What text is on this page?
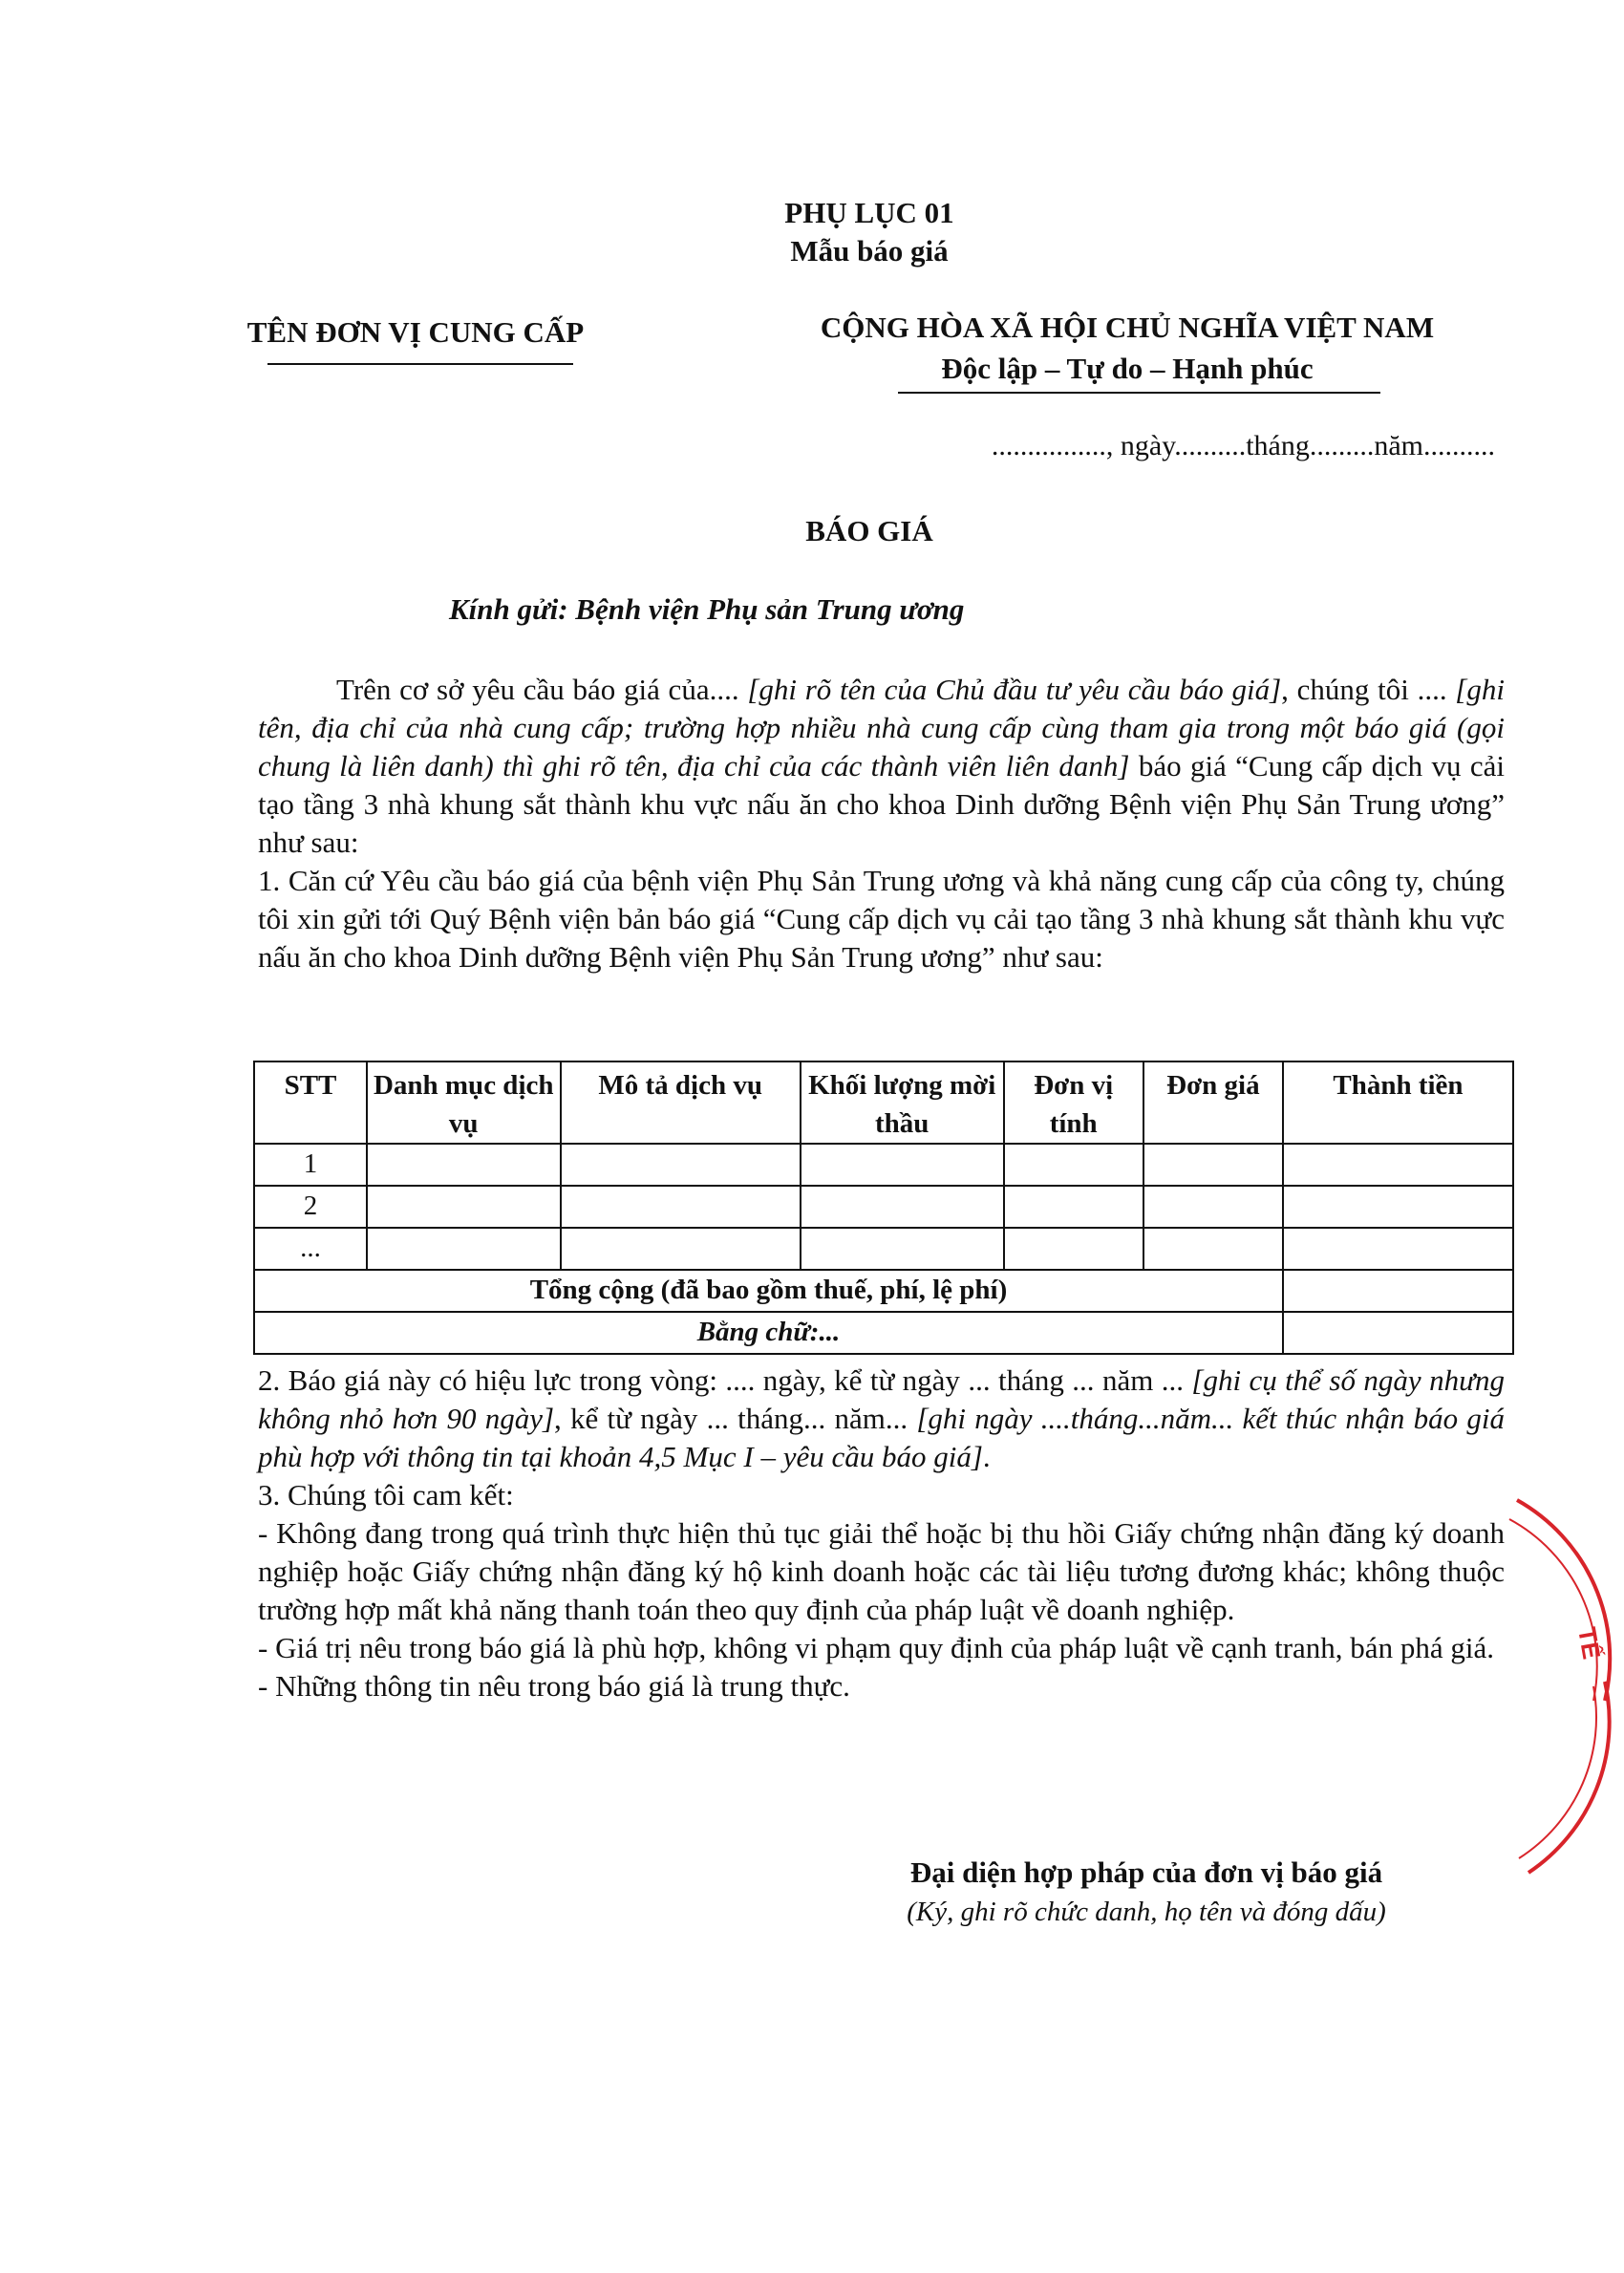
PHỤ LỤC 01
Mẫu báo giá
TÊN ĐƠN VỊ CUNG CẤP	CỘNG HÒA XÃ HỘI CHỦ NGHĨA VIỆT NAM
Độc lập – Tự do – Hạnh phúc
................, ngày..........tháng.........năm..........
BÁO GIÁ
Kính gửi: Bệnh viện Phụ sản Trung ương

Trên cơ sở yêu cầu báo giá của.... [ghi rõ tên của Chủ đầu tư yêu cầu báo giá], chúng tôi .... [ghi tên, địa chỉ của nhà cung cấp; trường hợp nhiều nhà cung cấp cùng tham gia trong một báo giá (gọi chung là liên danh) thì ghi rõ tên, địa chỉ của các thành viên liên danh] báo giá “Cung cấp dịch vụ cải tạo tầng 3 nhà khung sắt thành khu vực nấu ăn cho khoa Dinh dưỡng Bệnh viện Phụ Sản Trung ương” như sau:

1. Căn cứ Yêu cầu báo giá của bệnh viện Phụ Sản Trung ương và khả năng cung cấp của công ty, chúng tôi xin gửi tới Quý Bệnh viện bản báo giá “Cung cấp dịch vụ cải tạo tầng 3 nhà khung sắt thành khu vực nấu ăn cho khoa Dinh dưỡng Bệnh viện Phụ Sản Trung ương” như sau:

STT	Danh mục dịch vụ	Mô tả dịch vụ	Khối lượng mời thầu	Đơn vị tính	Đơn giá	Thành tiền
1						
2						
...						
Tổng cộng (đã bao gồm thuế, phí, lệ phí)						
Bằng chữ:...						

2. Báo giá này có hiệu lực trong vòng: .... ngày, kể từ ngày ... tháng ... năm ... [ghi cụ thể số ngày nhưng không nhỏ hơn 90 ngày], kể từ ngày ... tháng... năm... [ghi ngày ....tháng...năm... kết thúc nhận báo giá phù hợp với thông tin tại khoản 4,5 Mục I – yêu cầu báo giá].

3. Chúng tôi cam kết:

- Không đang trong quá trình thực hiện thủ tục giải thể hoặc bị thu hồi Giấy chứng nhận đăng ký doanh nghiệp hoặc Giấy chứng nhận đăng ký hộ kinh doanh hoặc các tài liệu tương đương khác; không thuộc trường hợp mất khả năng thanh toán theo quy định của pháp luật về doanh nghiệp.

- Giá trị nêu trong báo giá là phù hợp, không vi phạm quy định của pháp luật về cạnh tranh, bán phá giá.

- Những thông tin nêu trong báo giá là trung thực.

Đại diện hợp pháp của đơn vị báo giá
(Ký, ghi rõ chức danh, họ tên và đóng dấu)
TẾ
